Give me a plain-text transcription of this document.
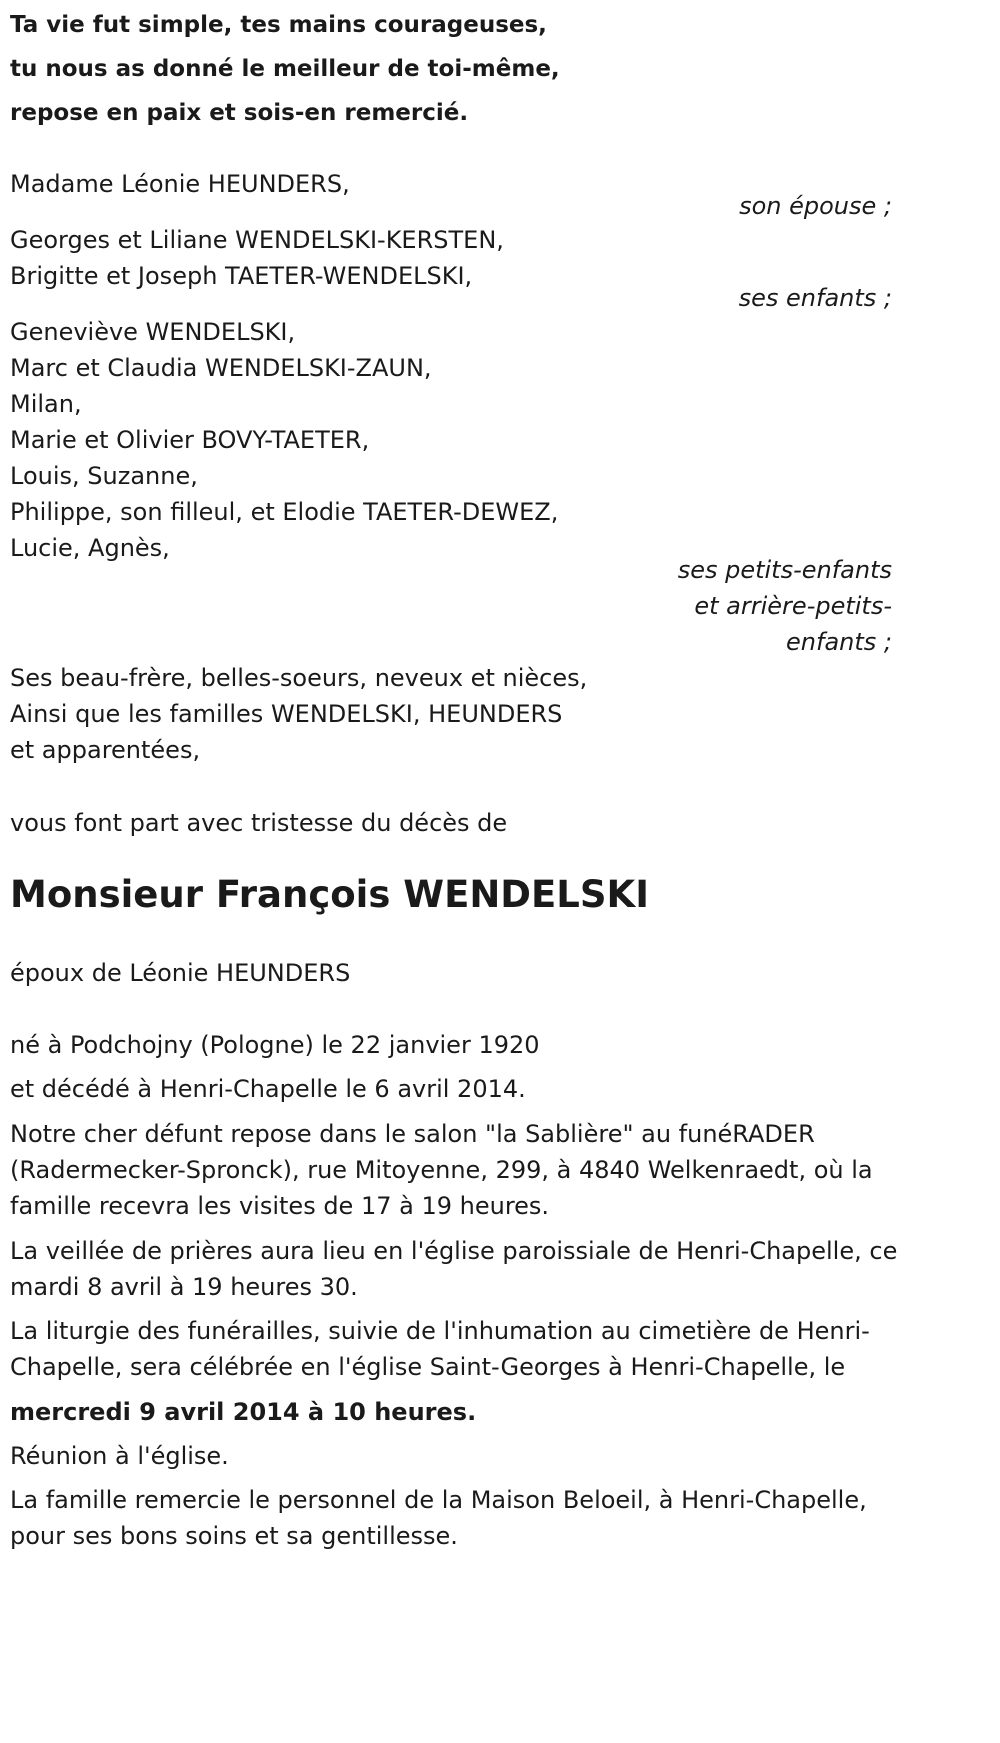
Ta vie fut simple, tes mains courageuses,
tu nous as donné le meilleur de toi-même,
repose en paix et sois-en remercié.
Madame Léonie HEUNDERS,
son épouse ;
Georges et Liliane WENDELSKI-KERSTEN,
Brigitte et Joseph TAETER-WENDELSKI,
ses enfants ;
Geneviève WENDELSKI,
Marc et Claudia WENDELSKI-ZAUN,
Milan,
Marie et Olivier BOVY-TAETER,
Louis, Suzanne,
Philippe, son filleul, et Elodie TAETER-DEWEZ,
Lucie, Agnès,
ses petits-enfants
et arrière-petits-
enfants ;
Ses beau-frère, belles-soeurs, neveux et nièces,
Ainsi que les familles WENDELSKI, HEUNDERS
et apparentées,
vous font part avec tristesse du décès de
Monsieur François WENDELSKI
époux de Léonie HEUNDERS
né à Podchojny (Pologne) le 22 janvier 1920
et décédé à Henri-Chapelle le 6 avril 2014.
Notre cher défunt repose dans le salon "la Sablière" au funéRADER (Radermecker-Spronck), rue Mitoyenne, 299, à 4840 Welkenraedt, où la famille recevra les visites de 17 à 19 heures.
La veillée de prières aura lieu en l'église paroissiale de Henri-Chapelle, ce mardi 8 avril à 19 heures 30.
La liturgie des funérailles, suivie de l'inhumation au cimetière de Henri-Chapelle, sera célébrée en l'église Saint-Georges à Henri-Chapelle, le
mercredi 9 avril 2014 à 10 heures.
Réunion à l'église.
La famille remercie le personnel de la Maison Beloeil, à Henri-Chapelle, pour ses bons soins et sa gentillesse.
